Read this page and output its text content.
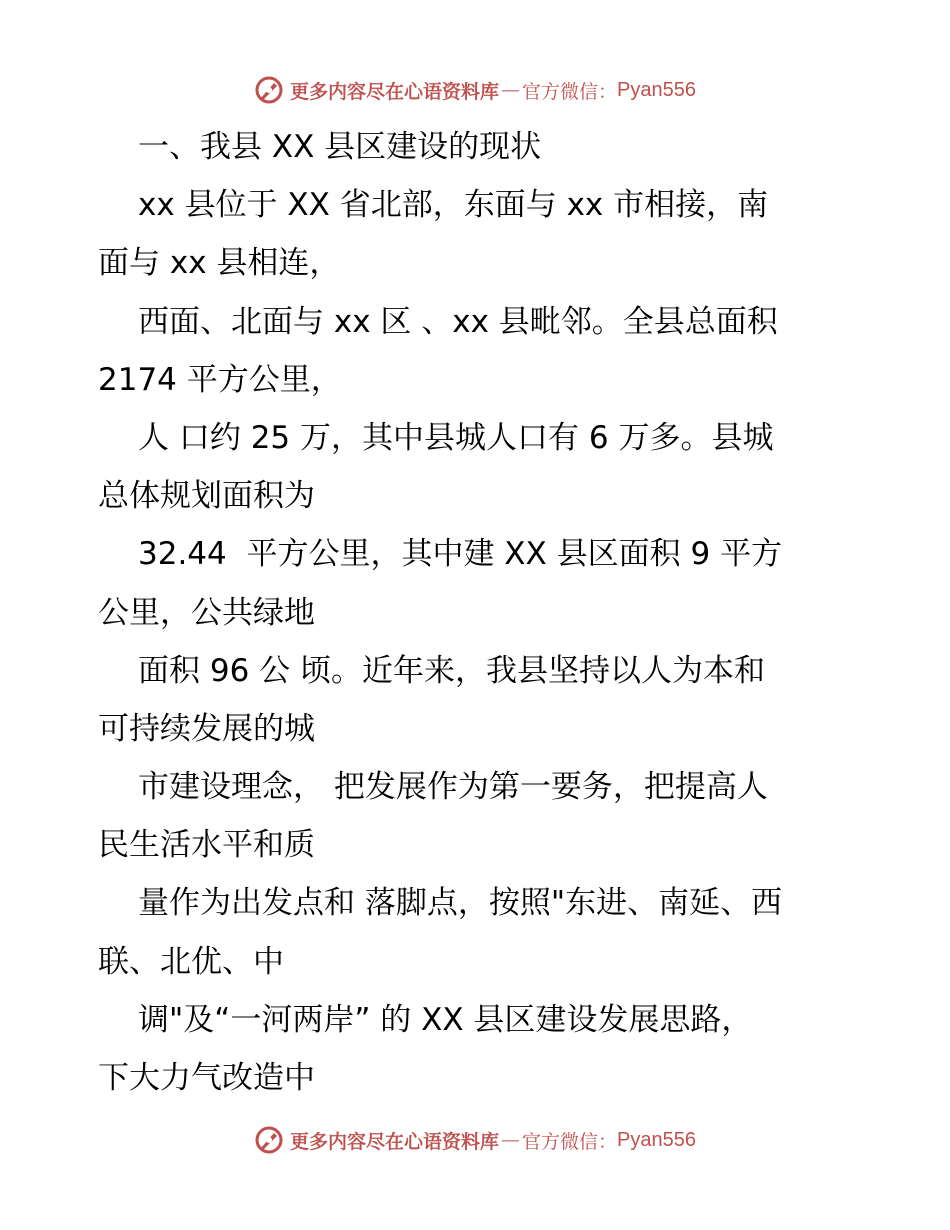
更多内容尽在心语资料库 — 官方微信： Pyan556
一、我县 XX 县区建设的现状
xx 县位于 XX 省北部，东面与 xx 市相接，南
面与 xx 县相连，
西面、北面与 xx 区 、xx 县毗邻。全县总面积
2174 平方公里，
人 口约 25 万，其中县城人口有 6 万多。县城
总体规划面积为
32.44  平方公里，其中建 XX 县区面积 9 平方
公里，公共绿地
面积 96 公 顷。近年来，我县坚持以人为本和
可持续发展的城
市建设理念， 把发展作为第一要务，把提高人
民生活水平和质
量作为出发点和 落脚点，按照"东进、南延、西
联、北优、中
调"及“一河两岸” 的 XX 县区建设发展思路，
下大力气改造中
更多内容尽在心语资料库 — 官方微信： Pyan556
